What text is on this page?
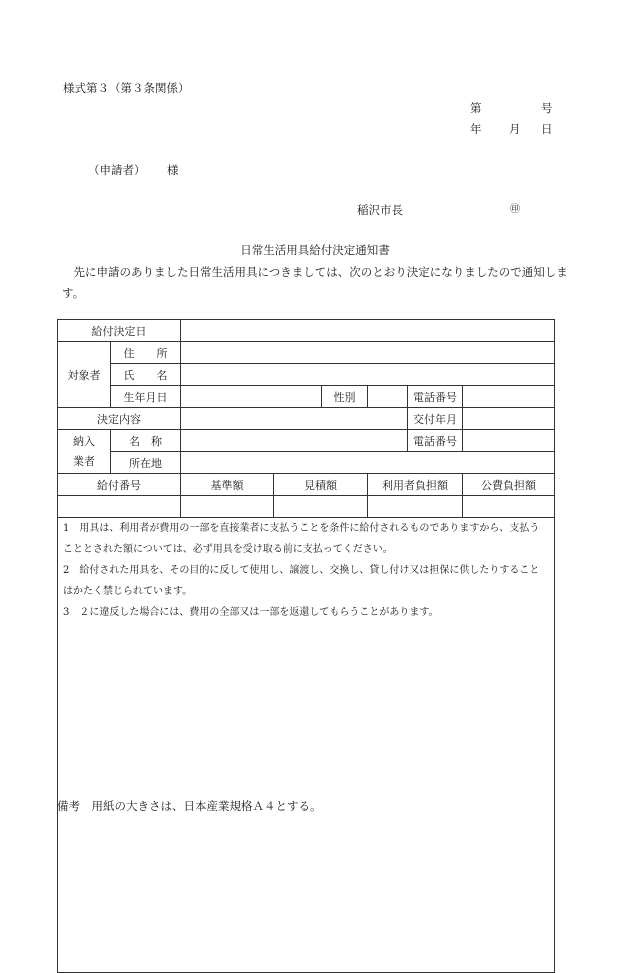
様式第３（第３条関係）
第	号
年 月 日
（申請者） 様
稲沢市長	㊞
日常生活用具給付決定通知書
先に申請のありました日常生活用具につきましては、次のとおり決定になりましたので通知します。
給付決定日							
対象者	住　　所						
	氏　　名						
	生年月日			性別		電話番号	
決定内容						交付年月	

納入
業者	名　称					電話番号	
	所在地						
給付番号		基準額	見積額		利用者負担額		公費負担額

1　用具は、利用者が費用の一部を直接業者に支払うことを条件に給付されるものでありますから、支払うこととされた額については、必ず用具を受け取る前に支払ってください。

2　給付された用具を、その目的に反して使用し、譲渡し、交換し、貸し付け又は担保に供したりすることはかたく禁じられています。

3　２に違反した場合には、費用の全部又は一部を返還してもらうことがあります。							

備考　用紙の大きさは、日本産業規格Ａ４とする。
